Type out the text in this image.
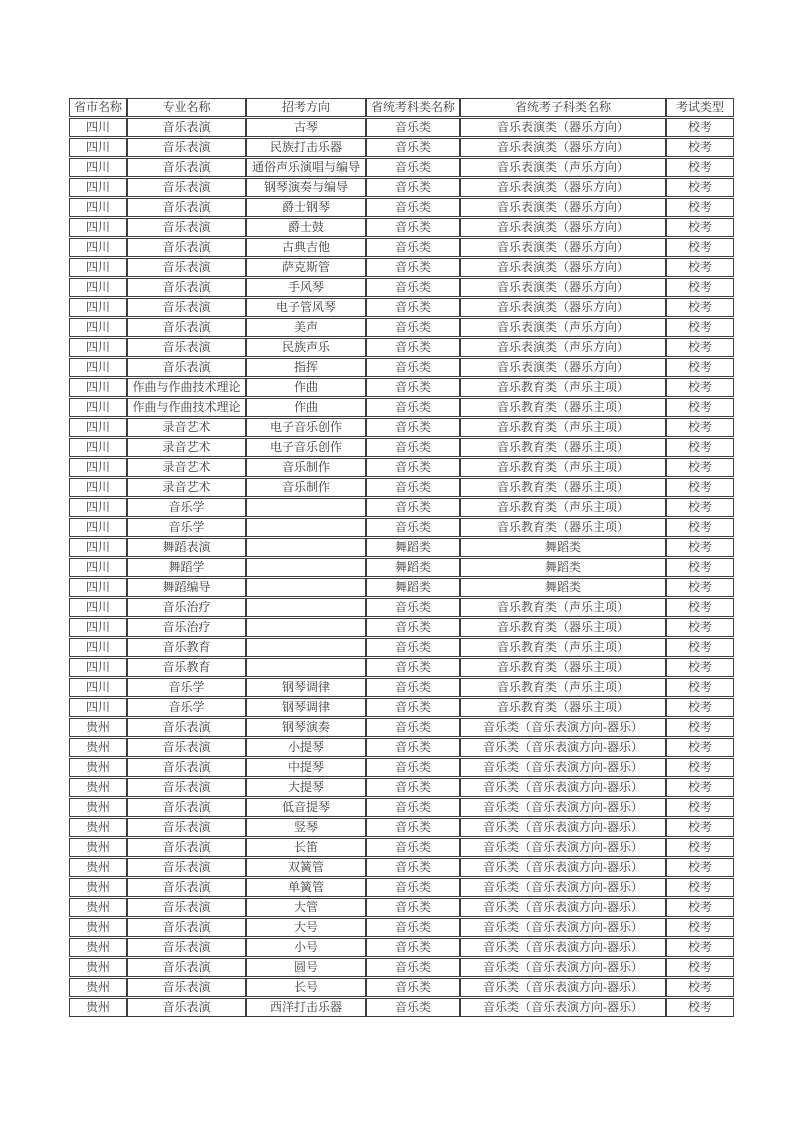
省市名称	专业名称	招考方向	省统考科类名称	省统考子科类名称	考试类型
四川	音乐表演	古琴	音乐类	音乐表演类（器乐方向）	校考
四川	音乐表演	民族打击乐器	音乐类	音乐表演类（器乐方向）	校考
四川	音乐表演	通俗声乐演唱与编导	音乐类	音乐表演类（声乐方向）	校考
四川	音乐表演	钢琴演奏与编导	音乐类	音乐表演类（器乐方向）	校考
四川	音乐表演	爵士钢琴	音乐类	音乐表演类（器乐方向）	校考
四川	音乐表演	爵士鼓	音乐类	音乐表演类（器乐方向）	校考
四川	音乐表演	古典吉他	音乐类	音乐表演类（器乐方向）	校考
四川	音乐表演	萨克斯管	音乐类	音乐表演类（器乐方向）	校考
四川	音乐表演	手风琴	音乐类	音乐表演类（器乐方向）	校考
四川	音乐表演	电子管风琴	音乐类	音乐表演类（器乐方向）	校考
四川	音乐表演	美声	音乐类	音乐表演类（声乐方向）	校考
四川	音乐表演	民族声乐	音乐类	音乐表演类（声乐方向）	校考
四川	音乐表演	指挥	音乐类	音乐表演类（器乐方向）	校考
四川	作曲与作曲技术理论	作曲	音乐类	音乐教育类（声乐主项）	校考
四川	作曲与作曲技术理论	作曲	音乐类	音乐教育类（器乐主项）	校考
四川	录音艺术	电子音乐创作	音乐类	音乐教育类（声乐主项）	校考
四川	录音艺术	电子音乐创作	音乐类	音乐教育类（器乐主项）	校考
四川	录音艺术	音乐制作	音乐类	音乐教育类（声乐主项）	校考
四川	录音艺术	音乐制作	音乐类	音乐教育类（器乐主项）	校考
四川	音乐学		音乐类	音乐教育类（声乐主项）	校考
四川	音乐学		音乐类	音乐教育类（器乐主项）	校考
四川	舞蹈表演		舞蹈类	舞蹈类	校考
四川	舞蹈学		舞蹈类	舞蹈类	校考
四川	舞蹈编导		舞蹈类	舞蹈类	校考
四川	音乐治疗		音乐类	音乐教育类（声乐主项）	校考
四川	音乐治疗		音乐类	音乐教育类（器乐主项）	校考
四川	音乐教育		音乐类	音乐教育类（声乐主项）	校考
四川	音乐教育		音乐类	音乐教育类（器乐主项）	校考
四川	音乐学	钢琴调律	音乐类	音乐教育类（声乐主项）	校考
四川	音乐学	钢琴调律	音乐类	音乐教育类（器乐主项）	校考
贵州	音乐表演	钢琴演奏	音乐类	音乐类（音乐表演方向-器乐）	校考
贵州	音乐表演	小提琴	音乐类	音乐类（音乐表演方向-器乐）	校考
贵州	音乐表演	中提琴	音乐类	音乐类（音乐表演方向-器乐）	校考
贵州	音乐表演	大提琴	音乐类	音乐类（音乐表演方向-器乐）	校考
贵州	音乐表演	低音提琴	音乐类	音乐类（音乐表演方向-器乐）	校考
贵州	音乐表演	竖琴	音乐类	音乐类（音乐表演方向-器乐）	校考
贵州	音乐表演	长笛	音乐类	音乐类（音乐表演方向-器乐）	校考
贵州	音乐表演	双簧管	音乐类	音乐类（音乐表演方向-器乐）	校考
贵州	音乐表演	单簧管	音乐类	音乐类（音乐表演方向-器乐）	校考
贵州	音乐表演	大管	音乐类	音乐类（音乐表演方向-器乐）	校考
贵州	音乐表演	大号	音乐类	音乐类（音乐表演方向-器乐）	校考
贵州	音乐表演	小号	音乐类	音乐类（音乐表演方向-器乐）	校考
贵州	音乐表演	圆号	音乐类	音乐类（音乐表演方向-器乐）	校考
贵州	音乐表演	长号	音乐类	音乐类（音乐表演方向-器乐）	校考
贵州	音乐表演	西洋打击乐器	音乐类	音乐类（音乐表演方向-器乐）	校考
